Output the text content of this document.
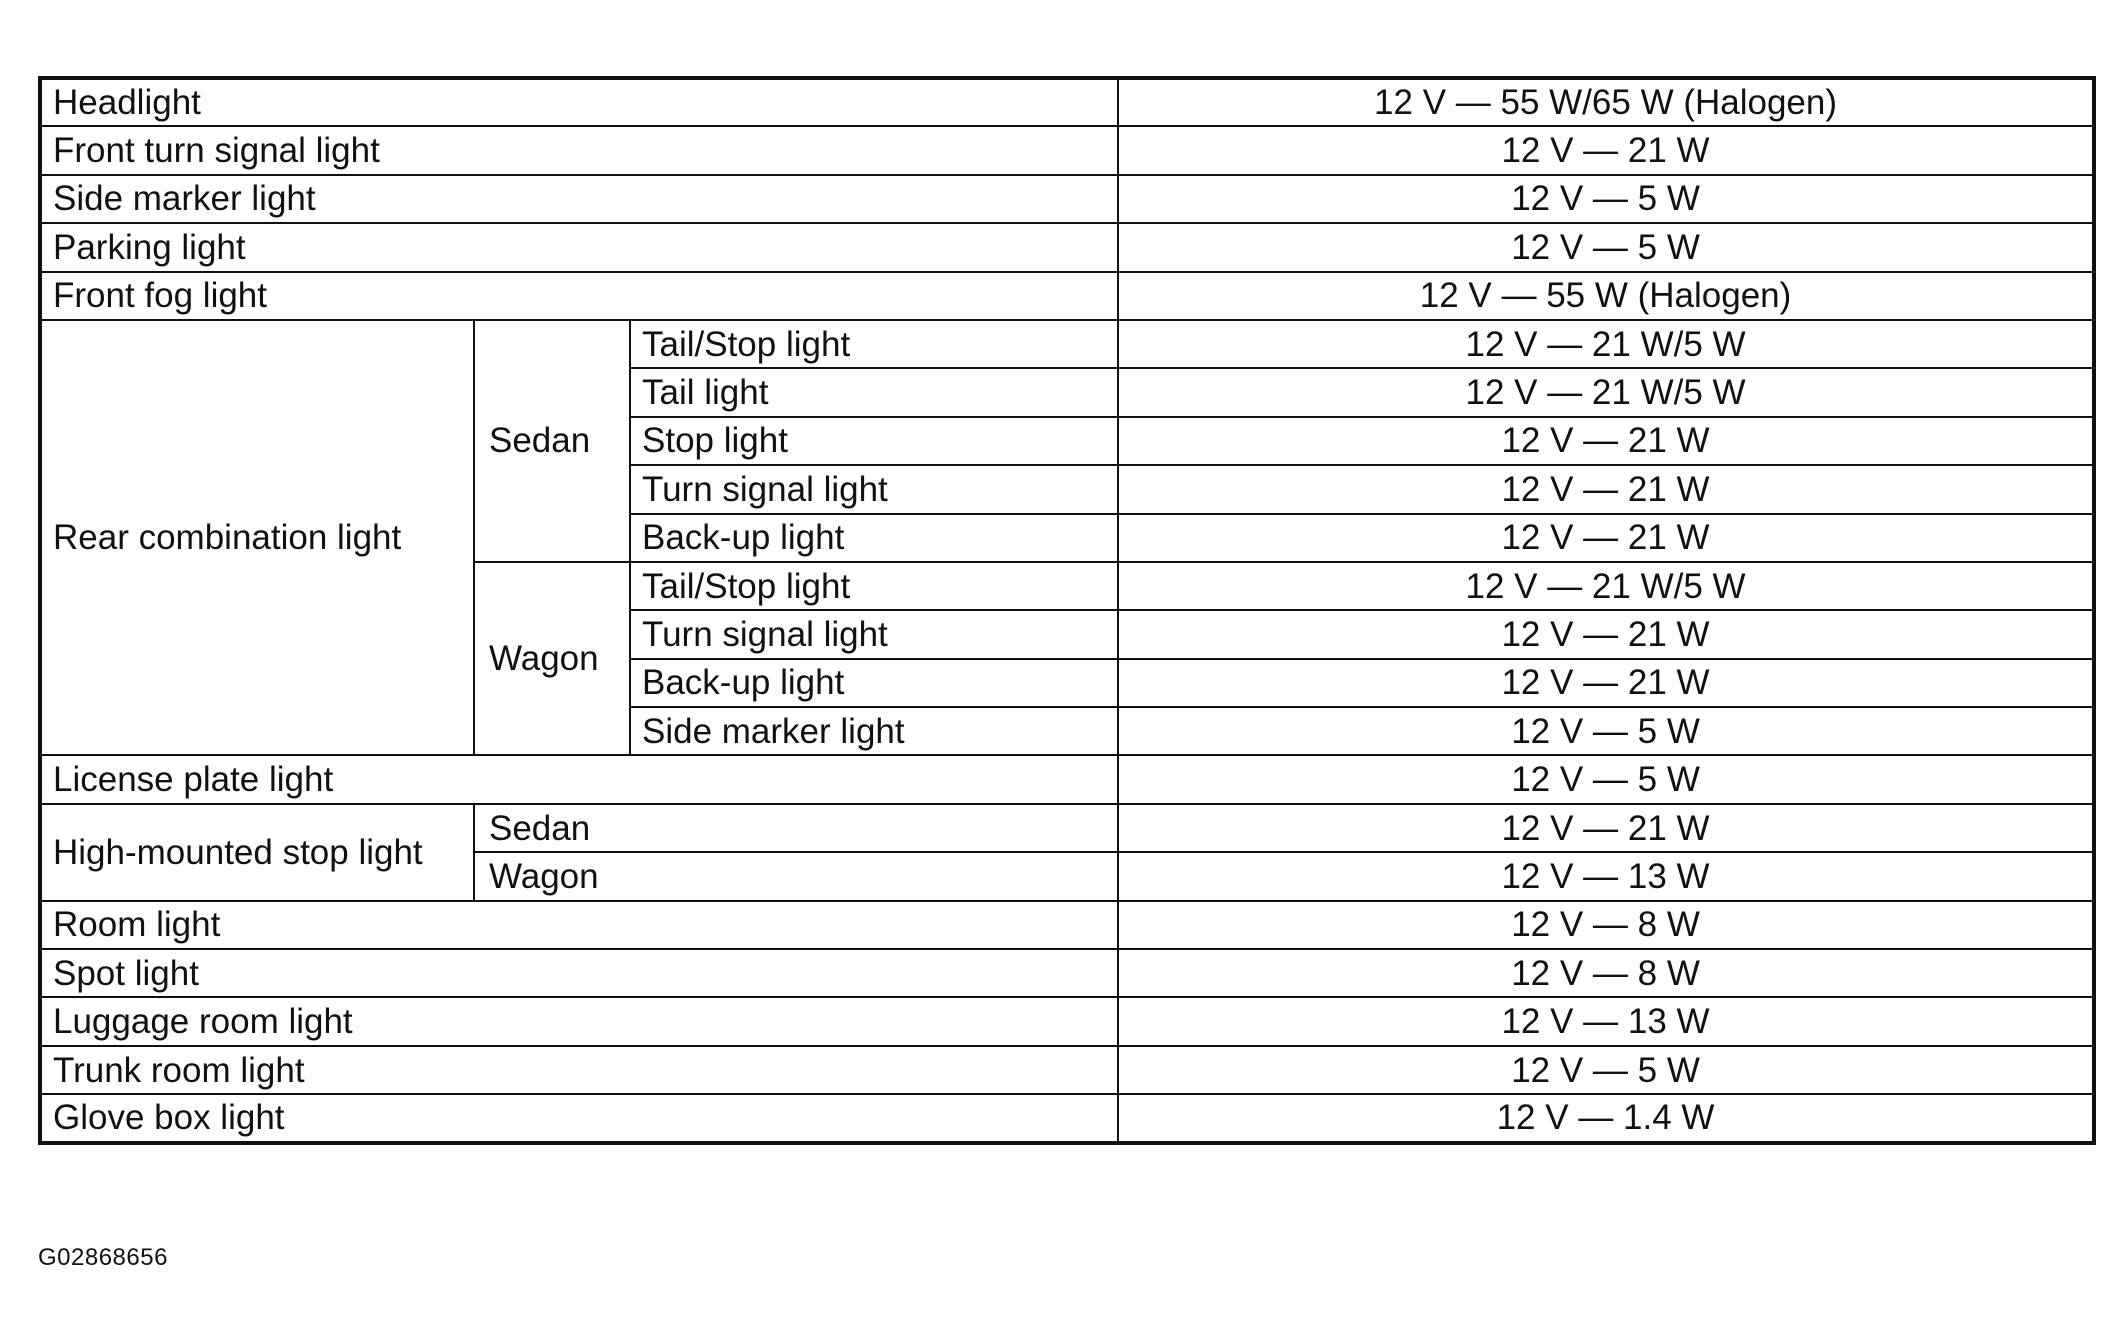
Headlight			12 V — 55 W/65 W (Halogen)
Front turn signal light			12 V — 21 W
Side marker light			12 V — 5 W
Parking light			12 V — 5 W
Front fog light			12 V — 55 W (Halogen)
Rear combination light	Sedan	Tail/Stop light	12 V — 21 W/5 W
		Tail light	12 V — 21 W/5 W
		Stop light	12 V — 21 W
		Turn signal light	12 V — 21 W
		Back-up light	12 V — 21 W
	Wagon	Tail/Stop light	12 V — 21 W/5 W
		Turn signal light	12 V — 21 W
		Back-up light	12 V — 21 W
		Side marker light	12 V — 5 W
License plate light			12 V — 5 W
High-mounted stop light	Sedan		12 V — 21 W
	Wagon		12 V — 13 W
Room light			12 V — 8 W
Spot light			12 V — 8 W
Luggage room light			12 V — 13 W
Trunk room light			12 V — 5 W
Glove box light			12 V — 1.4 W
G02868656
